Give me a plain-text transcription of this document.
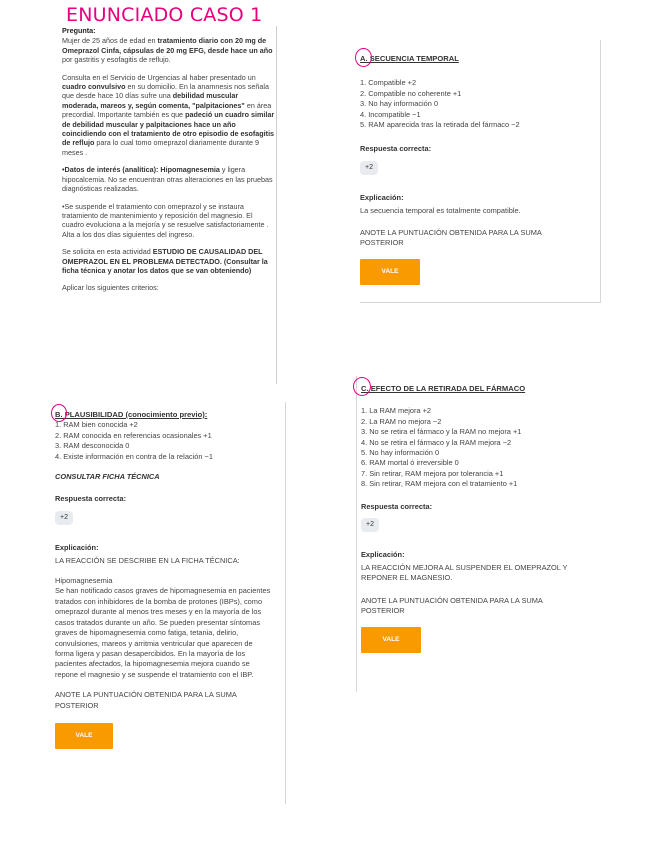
ENUNCIADO CASO 1

Pregunta:

Mujer de 25 años de edad en tratamiento diario con 20 mg de Omeprazol Cinfa, cápsulas de 20 mg EFG, desde hace un año por gastritis y esofagitis de reflujo.

Consulta en el Servicio de Urgencias al haber presentado un cuadro convulsivo en su domicilio. En la anamnesis nos señala que desde hace 10 días sufre una debilidad muscular moderada, mareos y, según comenta, "palpitaciones" en área precordial. Importante también es que padeció un cuadro similar de debilidad muscular y palpitaciones hace un año coincidiendo con el tratamiento de otro episodio de esofagitis de reflujo para lo cual tomo omeprazol diariamente durante 9 meses .

•Datos de interés (analítica): Hipomagnesemia y ligera hipocalcemia. No se encuentran otras alteraciones en las pruebas diagnósticas realizadas.

•Se suspende el tratamiento con omeprazol y se instaura tratamiento de mantenimiento y reposición del magnesio. El cuadro evoluciona a la mejoría y se resuelve satisfactoriamente . Alta a los dos días siguientes del ingreso.

Se solicita en esta actividad ESTUDIO DE CAUSALIDAD DEL OMEPRAZOL EN EL PROBLEMA DETECTADO. (Consultar la ficha técnica y anotar los datos que se van obteniendo)

Aplicar los siguientes criterios:

A. SECUENCIA TEMPORAL
1. Compatible +2
2. Compatible no coherente +1
3. No hay información 0
4. Incompatible −1
5. RAM aparecida tras la retirada del fármaco −2
Respuesta correcta:
+2
Explicación:
La secuencia temporal es totalmente compatible.
ANOTE LA PUNTUACIÓN OBTENIDA PARA LA SUMA POSTERIOR
VALE
B. PLAUSIBILIDAD (conocimiento previo):
1. RAM bien conocida +2
2. RAM conocida en referencias ocasionales +1
3. RAM desconocida 0
4. Existe información en contra de la relación −1
CONSULTAR FICHA TÉCNICA
Respuesta correcta:
+2
Explicación:
LA REACCIÓN SE DESCRIBE EN LA FICHA TÉCNICA:
Hipomagnesemia
Se han notificado casos graves de hipomagnesemia en pacientes tratados con inhibidores de la bomba de protones (IBPs), como omeprazol durante al menos tres meses y en la mayoría de los casos tratados durante un año. Se pueden presentar síntomas graves de hipomagnesemia como fatiga, tetania, delirio, convulsiones, mareos y arritmia ventricular que aparecen de forma ligera y pasan desapercibidos. En la mayoría de los pacientes afectados, la hipomagnesemia mejora cuando se repone el magnesio y se suspende el tratamiento con el IBP.
ANOTE LA PUNTUACIÓN OBTENIDA PARA LA SUMA POSTERIOR
VALE
C. EFECTO DE LA RETIRADA DEL FÁRMACO
1. La RAM mejora +2
2. La RAM no mejora −2
3. No se retira el fármaco y la RAM no mejora +1
4. No se retira el fármaco y la RAM mejora −2
5. No hay información 0
6. RAM mortal ó irreversible 0
7. Sin retirar, RAM mejora por tolerancia +1
8. Sin retirar, RAM mejora con el tratamiento +1
Respuesta correcta:
+2
Explicación:
LA REACCIÓN MEJORA AL SUSPENDER EL OMEPRAZOL Y REPONER EL MAGNESIO.
ANOTE LA PUNTUACIÓN OBTENIDA PARA LA SUMA POSTERIOR
VALE
